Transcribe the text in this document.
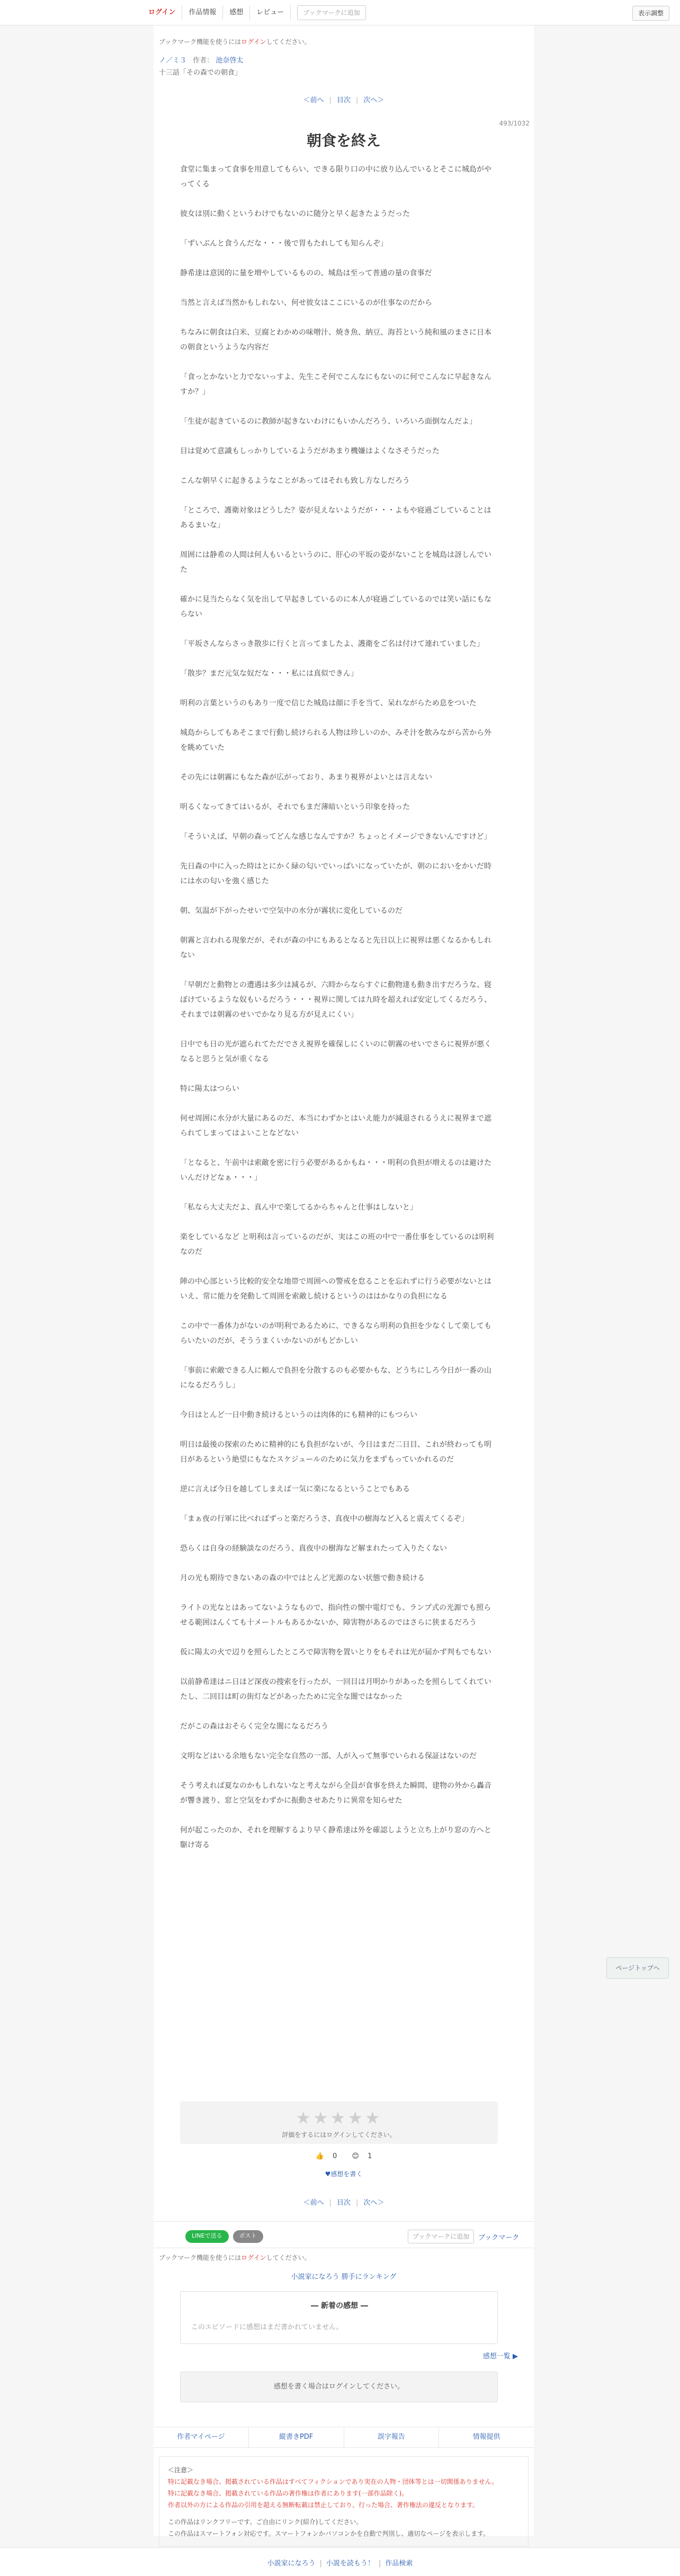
ログイン	作品情報	感想	レビュー	ブックマークに追加	表示調整
ブックマーク機能を使うにはログインしてください。
ノ／ミ３ 作者： 池奈啓太
十三話「その森での朝食」
＜前へ | 目次 | 次へ＞
493/1032
朝食を終え

食堂に集まって食事を用意してもらい、できる限り口の中に放り込んでいるとそこに城島がやってくる

彼女は別に動くというわけでもないのに随分と早く起きたようだった

「ずいぶんと食うんだな・・・後で胃もたれしても知らんぞ」

静希達は意図的に量を増やしているものの、城島は至って普通の量の食事だ

当然と言えば当然かもしれない、何せ彼女はここにいるのが仕事なのだから

ちなみに朝食は白米、豆腐とわかめの味噌汁、焼き魚、納豆、海苔という純和風のまさに日本の朝食というような内容だ

「食っとかないと力でないっすよ、先生こそ何でこんなにもないのに何でこんなに早起きなんすか？」

「生徒が起きているのに教師が起きないわけにもいかんだろう、いろいろ面倒なんだよ」

目は覚めて意識もしっかりしているようだがあまり機嫌はよくなさそうだった

こんな朝早くに起きるようなことがあってはそれも致し方なしだろう

「ところで、護衛対象はどうした？姿が見えないようだが・・・よもや寝過ごしていることはあるまいな」

周囲には静希の人間は何人もいるというのに、肝心の平坂の姿がないことを城島は訝しんでいた

確かに見当たらなく気を出して早起きしているのに本人が寝過ごしているのでは笑い話にもならない

「平坂さんならさっき散歩に行くと言ってましたよ、護衛をご名は付けて連れていました」

「散歩？まだ元気な奴だな・・・私には真似できん」

明利の言葉というのもあり一度で信じた城島は顔に手を当て、呆れながらため息をついた

城島からしてもあそこまで行動し続けられる人物は珍しいのか、みそ汁を飲みながら苦から外を眺めていた

その先には朝霧にもなた森が広がっており、あまり視界がよいとは言えない

明るくなってきてはいるが、それでもまだ薄暗いという印象を持った

「そういえば、早朝の森ってどんな感じなんですか？ちょっとイメージできないんですけど」

先日森の中に入った時はとにかく緑の匂いでいっぱいになっていたが、朝のにおいをかいだ時には水の匂いを強く感じた

朝、気温が下がったせいで空気中の水分が霧状に変化しているのだ

朝霧と言われる現象だが、それが森の中にもあるとなると先日以上に視界は悪くなるかもしれない

「早朝だと動物との遭遇は多少は減るが、六時からならすぐに動物達も動き出すだろうな、寝ぼけているような奴もいるだろう・・・視界に関しては九時を超えれば安定してくるだろう、それまでは朝霧のせいでかなり見る方が見えにくい」

日中でも日の光が遮られてただでさえ視界を確保しにくいのに朝霧のせいでさらに視界が悪くなると思うと気が重くなる

特に陽太はつらい

何せ周囲に水分が大量にあるのだ、本当にわずかとはいえ能力が減退されるうえに視界まで遮られてしまってはよいことなどない

「となると、午前中は索敵を密に行う必要があるかもね・・・明利の負担が増えるのは避けたいんだけどなぁ・・・」

「私なら大丈夫だよ、真ん中で楽してるからちゃんと仕事はしないと」

楽をしているなど と明利は言っているのだが、実はこの班の中で一番仕事をしているのは明利なのだ

陣の中心部という比較的安全な地帯で周囲への警戒を怠ることを忘れずに行う必要がないとはいえ、常に能力を発動して周囲を索敵し続けるというのははかなりの負担になる

この中で一番体力がないのが明利であるために、できるなら明利の負担を少なくして楽してもらいたいのだが、そううまくいかないのがもどかしい

「事前に索敵できる人に頼んで負担を分散するのも必要かもな、どうちにしろ今日が一番の山になるだろうし」

今日はとんど一日中動き続けるというのは肉体的にも精神的にもつらい

明日は最後の探索のために精神的にも負担がないが、今日はまだ二日目、これが終わっても明日があるという絶望にもなたスケジュールのために気力をまずもっていかれるのだ

逆に言えば今日を越してしまえば一気に楽になるということでもある

「まぁ夜の行軍に比べればずっと楽だろうさ、真夜中の樹海など入ると震えてくるぞ」

恐らくは自身の経験談なのだろう、真夜中の樹海など解まれたって入りたくない

月の光も期待できないあの森の中ではとんど光源のない状態で動き続ける

ライトの光なとはあってないようなもので、指向性の懐中電灯でも、ランプ式の光源でも照らせる範囲はんくても十メートルもあるかないか、障害物があるのではさらに狭まるだろう

仮に陽太の火で辺りを照らしたところで障害物を置いとりをもそれは光が届かず判もでもない

以前静希達はニ日ほど深夜の捜索を行ったが、一回目は月明かりがあったを照らしてくれていたし、二回目は町の街灯などがあったために完全な闇ではなかった

だがこの森はおそらく完全な闇になるだろう

文明などはいる余地もない完全な自然の一部、人が入って無事でいられる保証はないのだ

そう考えれば夏なのかもしれないなと考えながら全員が食事を終えた瞬間、建物の外から轟音が響き渡り、窓と空気をわずかに振動させあたりに異常を知らせた

何が起こったのか、それを理解するより早く静希達は外を確認しようと立ち上がり窓の方へと駆け寄る

★★★★★
評価をするにはログインしてください。
👍 0 😊 1
♥感想を書く
＜前へ | 目次 | 次へ＞
LINEで送る	ポスト	ブックマークに追加	ブックマーク
ブックマーク機能を使うにはログインしてください。
小説家になろう 勝手にランキング
― 新着の感想 ―
このエピソードに感想はまだ書かれていません。
感想一覧 ▶
感想を書く場合はログインしてください。
作者マイページ	縦書きPDF	誤字報告	情報提供
＜注意＞
特に記載なき場合、掲載されている作品はすべてフィクションであり実在の人物・団体等とは一切関係ありません。
特に記載なき場合、掲載されている作品の著作権は作者にあります(一部作品除く)。
作者以外の方による作品の引用を超える無断転載は禁止しており、行った場合、著作権法の違反となります。
この作品はリンクフリーです。ご自由にリンク(紹介)してください。
この作品はスマートフォン対応です。スマートフォンかパソコンかを自動で判別し、適切なページを表示します。
ページトップへ
小説家になろう | 小説を読もう！ | 作品検索
